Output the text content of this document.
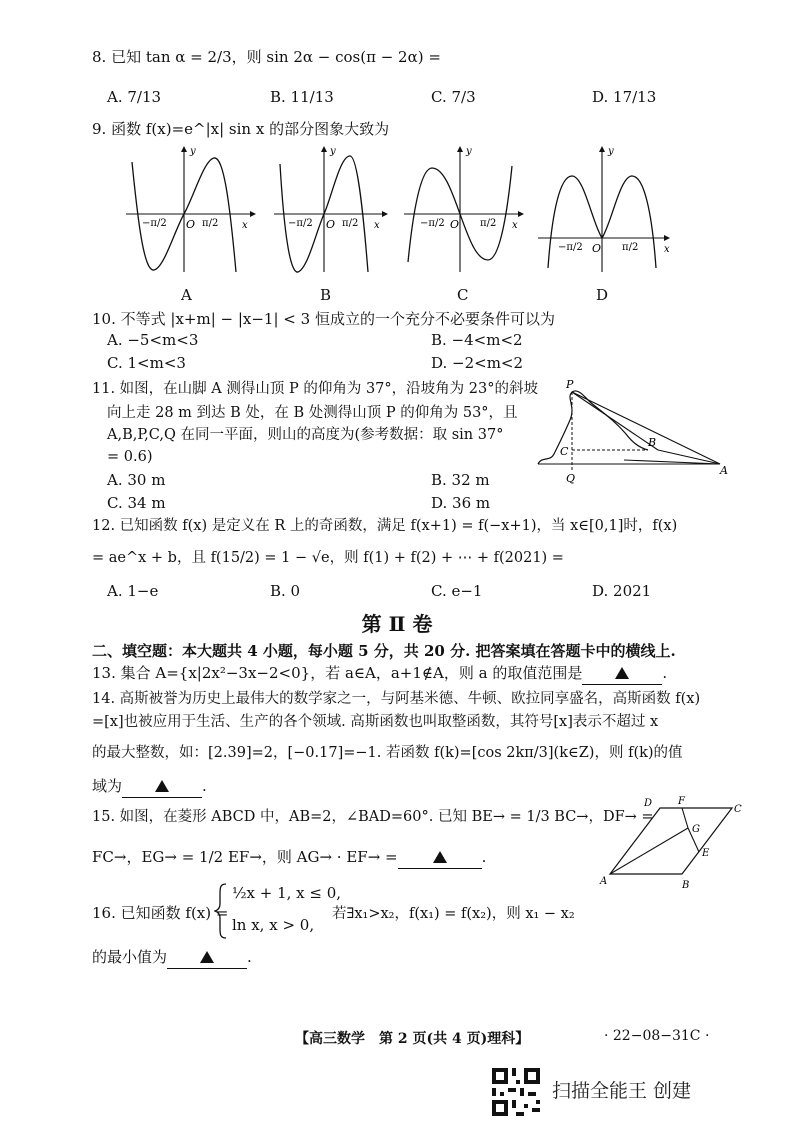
8. 已知 tan α = 2/3，则 sin 2α − cos(π − 2α) =
A. 7/13	B. 11/13	C. 7/3	D. 17/13
9. 函数 f(x)=e^|x| sin x 的部分图象大致为
y
x
O
−π/2	π/2
A
y
x
O
−π/2	π/2
B
y
x
O
−π/2	π/2
C
y
x
O
−π/2	π/2
D
10. 不等式 |x+m| − |x−1| < 3 恒成立的一个充分不必要条件可以为
A. −5<m<3	B. −4<m<2
C. 1<m<3	D. −2<m<2
11. 如图，在山脚 A 测得山顶 P 的仰角为 37°，沿坡角为 23°的斜坡
向上走 28 m 到达 B 处，在 B 处测得山顶 P 的仰角为 53°，且
A,B,P,C,Q 在同一平面，则山的高度为(参考数据：取 sin 37°
= 0.6)
A. 30 m	B. 32 m
C. 34 m	D. 36 m
P
C
Q
B
A
12. 已知函数 f(x) 是定义在 R 上的奇函数，满足 f(x+1) = f(−x+1)，当 x∈[0,1]时，f(x)
= ae^x + b，且 f(15/2) = 1 − √e，则 f(1) + f(2) + ⋯ + f(2021) =
A. 1−e	B. 0	C. e−1	D. 2021
第 Ⅱ 卷
二、填空题：本大题共 4 小题，每小题 5 分，共 20 分. 把答案填在答题卡中的横线上.
13. 集合 A={x|2x²−3x−2<0}，若 a∈A，a+1∉A，则 a 的取值范围是	.
14. 高斯被誉为历史上最伟大的数学家之一，与阿基米德、牛顿、欧拉同享盛名，高斯函数 f(x)
=[x]也被应用于生活、生产的各个领域. 高斯函数也叫取整函数，其符号[x]表示不超过 x
的最大整数，如：[2.39]=2，[−0.17]=−1. 若函数 f(k)=[cos 2kπ/3](k∈Z)，则 f(k)的值
域为	.
15. 如图，在菱形 ABCD 中，AB=2，∠BAD=60°. 已知 BE→ = 1/3 BC→，DF→ =
FC→，EG→ = 1/2 EF→，则 AG→ · EF→ =	.
A	B
C
D
E
F
G
16. 已知函数 f(x) =
½x + 1, x ≤ 0,
ln x, x > 0,
若∃x₁>x₂，f(x₁) = f(x₂)，则 x₁ − x₂
的最小值为	.
【高三数学　第 2 页(共 4 页)理科】	· 22−08−31C ·
扫描全能王 创建
